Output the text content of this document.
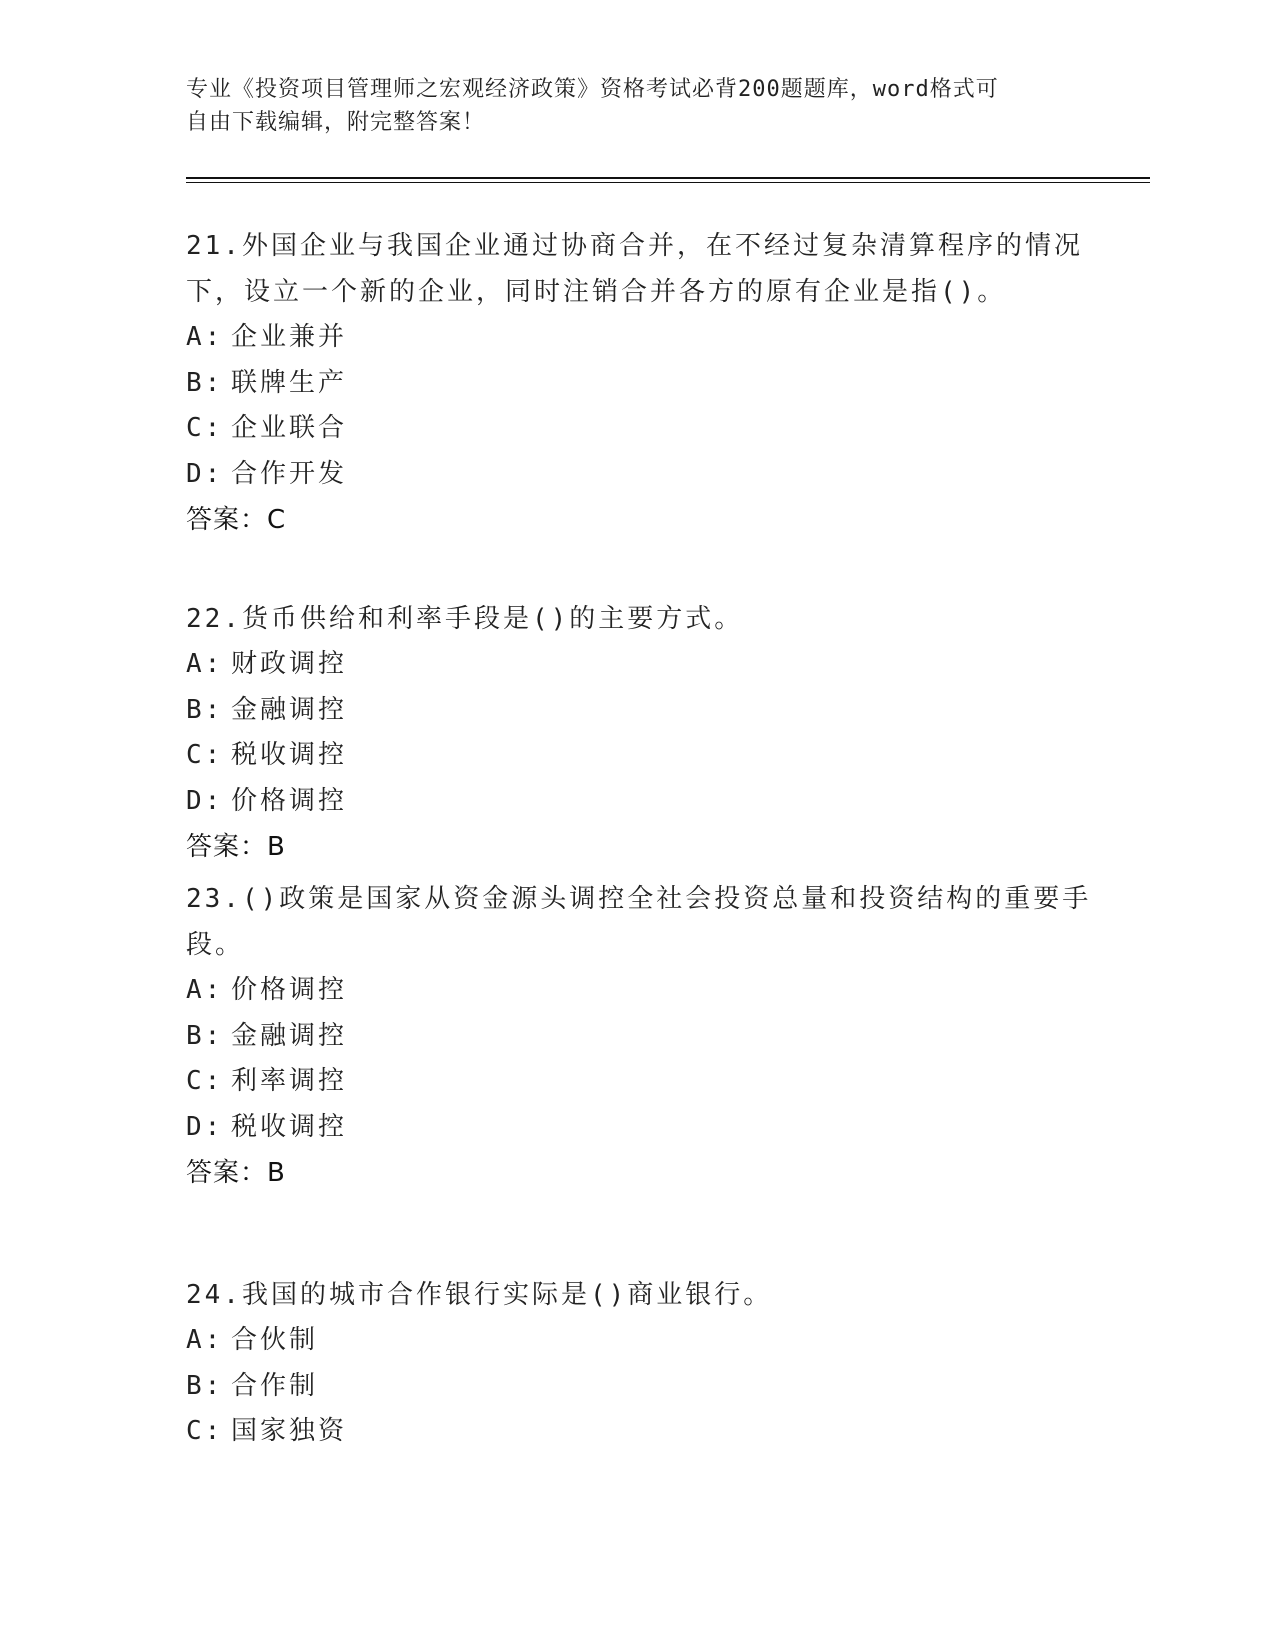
专业《投资项目管理师之宏观经济政策》资格考试必背200题题库，word格式可
自由下载编辑，附完整答案！
21.外国企业与我国企业通过协商合并，在不经过复杂清算程序的情况
下，设立一个新的企业，同时注销合并各方的原有企业是指()。
A: 企业兼并
B: 联牌生产
C: 企业联合
D: 合作开发
答案：C
22.货币供给和利率手段是()的主要方式。
A: 财政调控
B: 金融调控
C: 税收调控
D: 价格调控
答案：B
23.()政策是国家从资金源头调控全社会投资总量和投资结构的重要手
段。
A: 价格调控
B: 金融调控
C: 利率调控
D: 税收调控
答案：B
24.我国的城市合作银行实际是()商业银行。
A: 合伙制
B: 合作制
C: 国家独资
